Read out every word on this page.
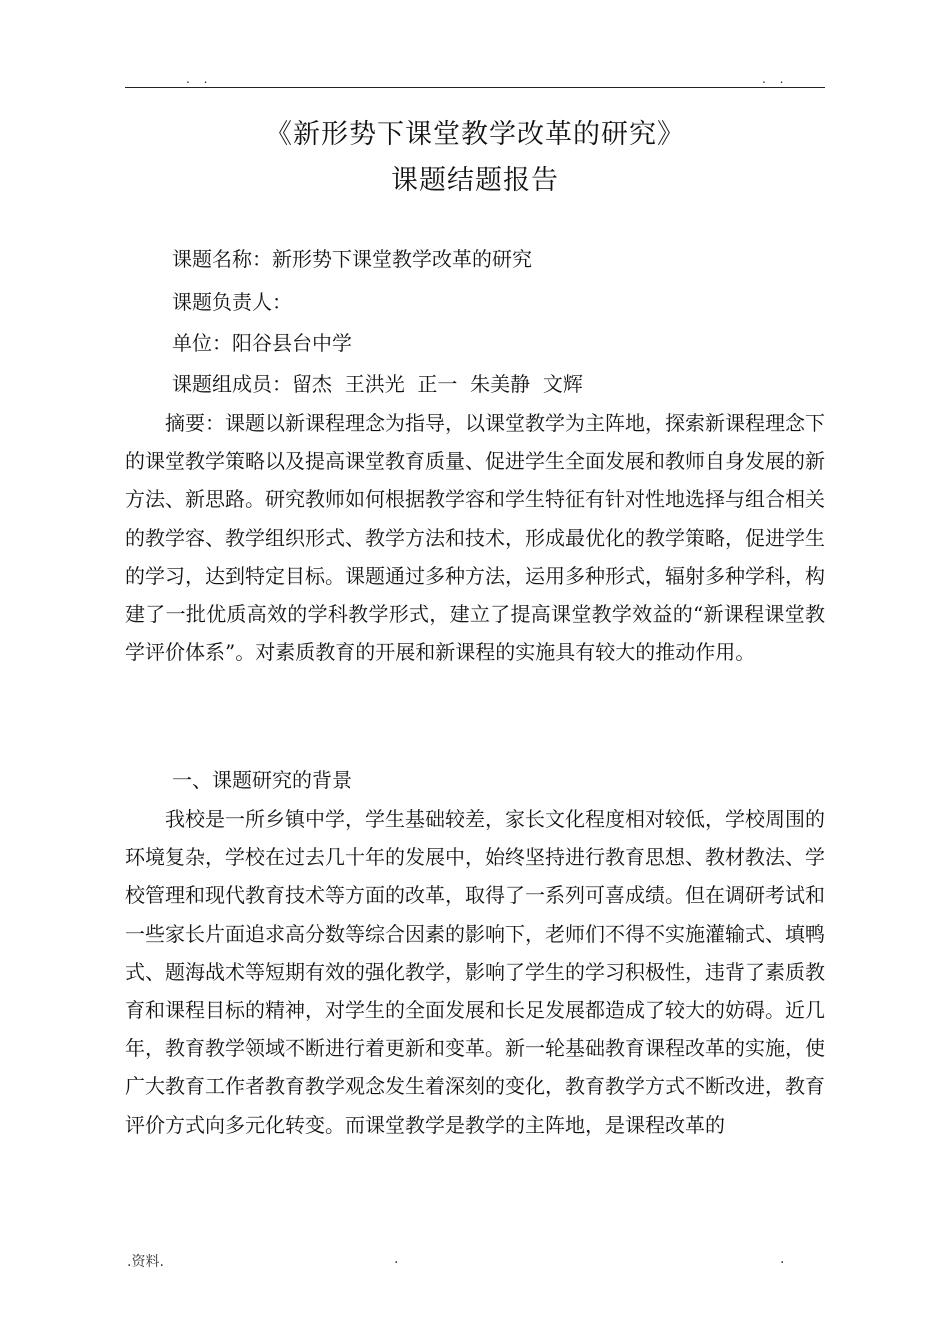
. .	. .
《新形势下课堂教学改革的研究》
课题结题报告
课题名称：新形势下课堂教学改革的研究
课题负责人：
单位：阳谷县台中学
课题组成员：留杰  王洪光  正一  朱美静  文辉

摘要：课题以新课程理念为指导，以课堂教学为主阵地，探索新课程理念下的课堂教学策略以及提高课堂教育质量、促进学生全面发展和教师自身发展的新方法、新思路。研究教师如何根据教学容和学生特征有针对性地选择与组合相关的教学容、教学组织形式、教学方法和技术，形成最优化的教学策略，促进学生的学习，达到特定目标。课题通过多种方法，运用多种形式，辐射多种学科，构建了一批优质高效的学科教学形式，建立了提高课堂教学效益的“新课程课堂教学评价体系”。对素质教育的开展和新课程的实施具有较大的推动作用。

一、课题研究的背景

我校是一所乡镇中学，学生基础较差，家长文化程度相对较低，学校周围的环境复杂，学校在过去几十年的发展中，始终坚持进行教育思想、教材教法、学校管理和现代教育技术等方面的改革，取得了一系列可喜成绩。但在调研考试和一些家长片面追求高分数等综合因素的影响下，老师们不得不实施灌输式、填鸭式、题海战术等短期有效的强化教学，影响了学生的学习积极性，违背了素质教育和课程目标的精神，对学生的全面发展和长足发展都造成了较大的妨碍。近几年，教育教学领域不断进行着更新和变革。新一轮基础教育课程改革的实施，使广大教育工作者教育教学观念发生着深刻的变化，教育教学方式不断改进，教育评价方式向多元化转变。而课堂教学是教学的主阵地，是课程改革的

.资料.	.	.
